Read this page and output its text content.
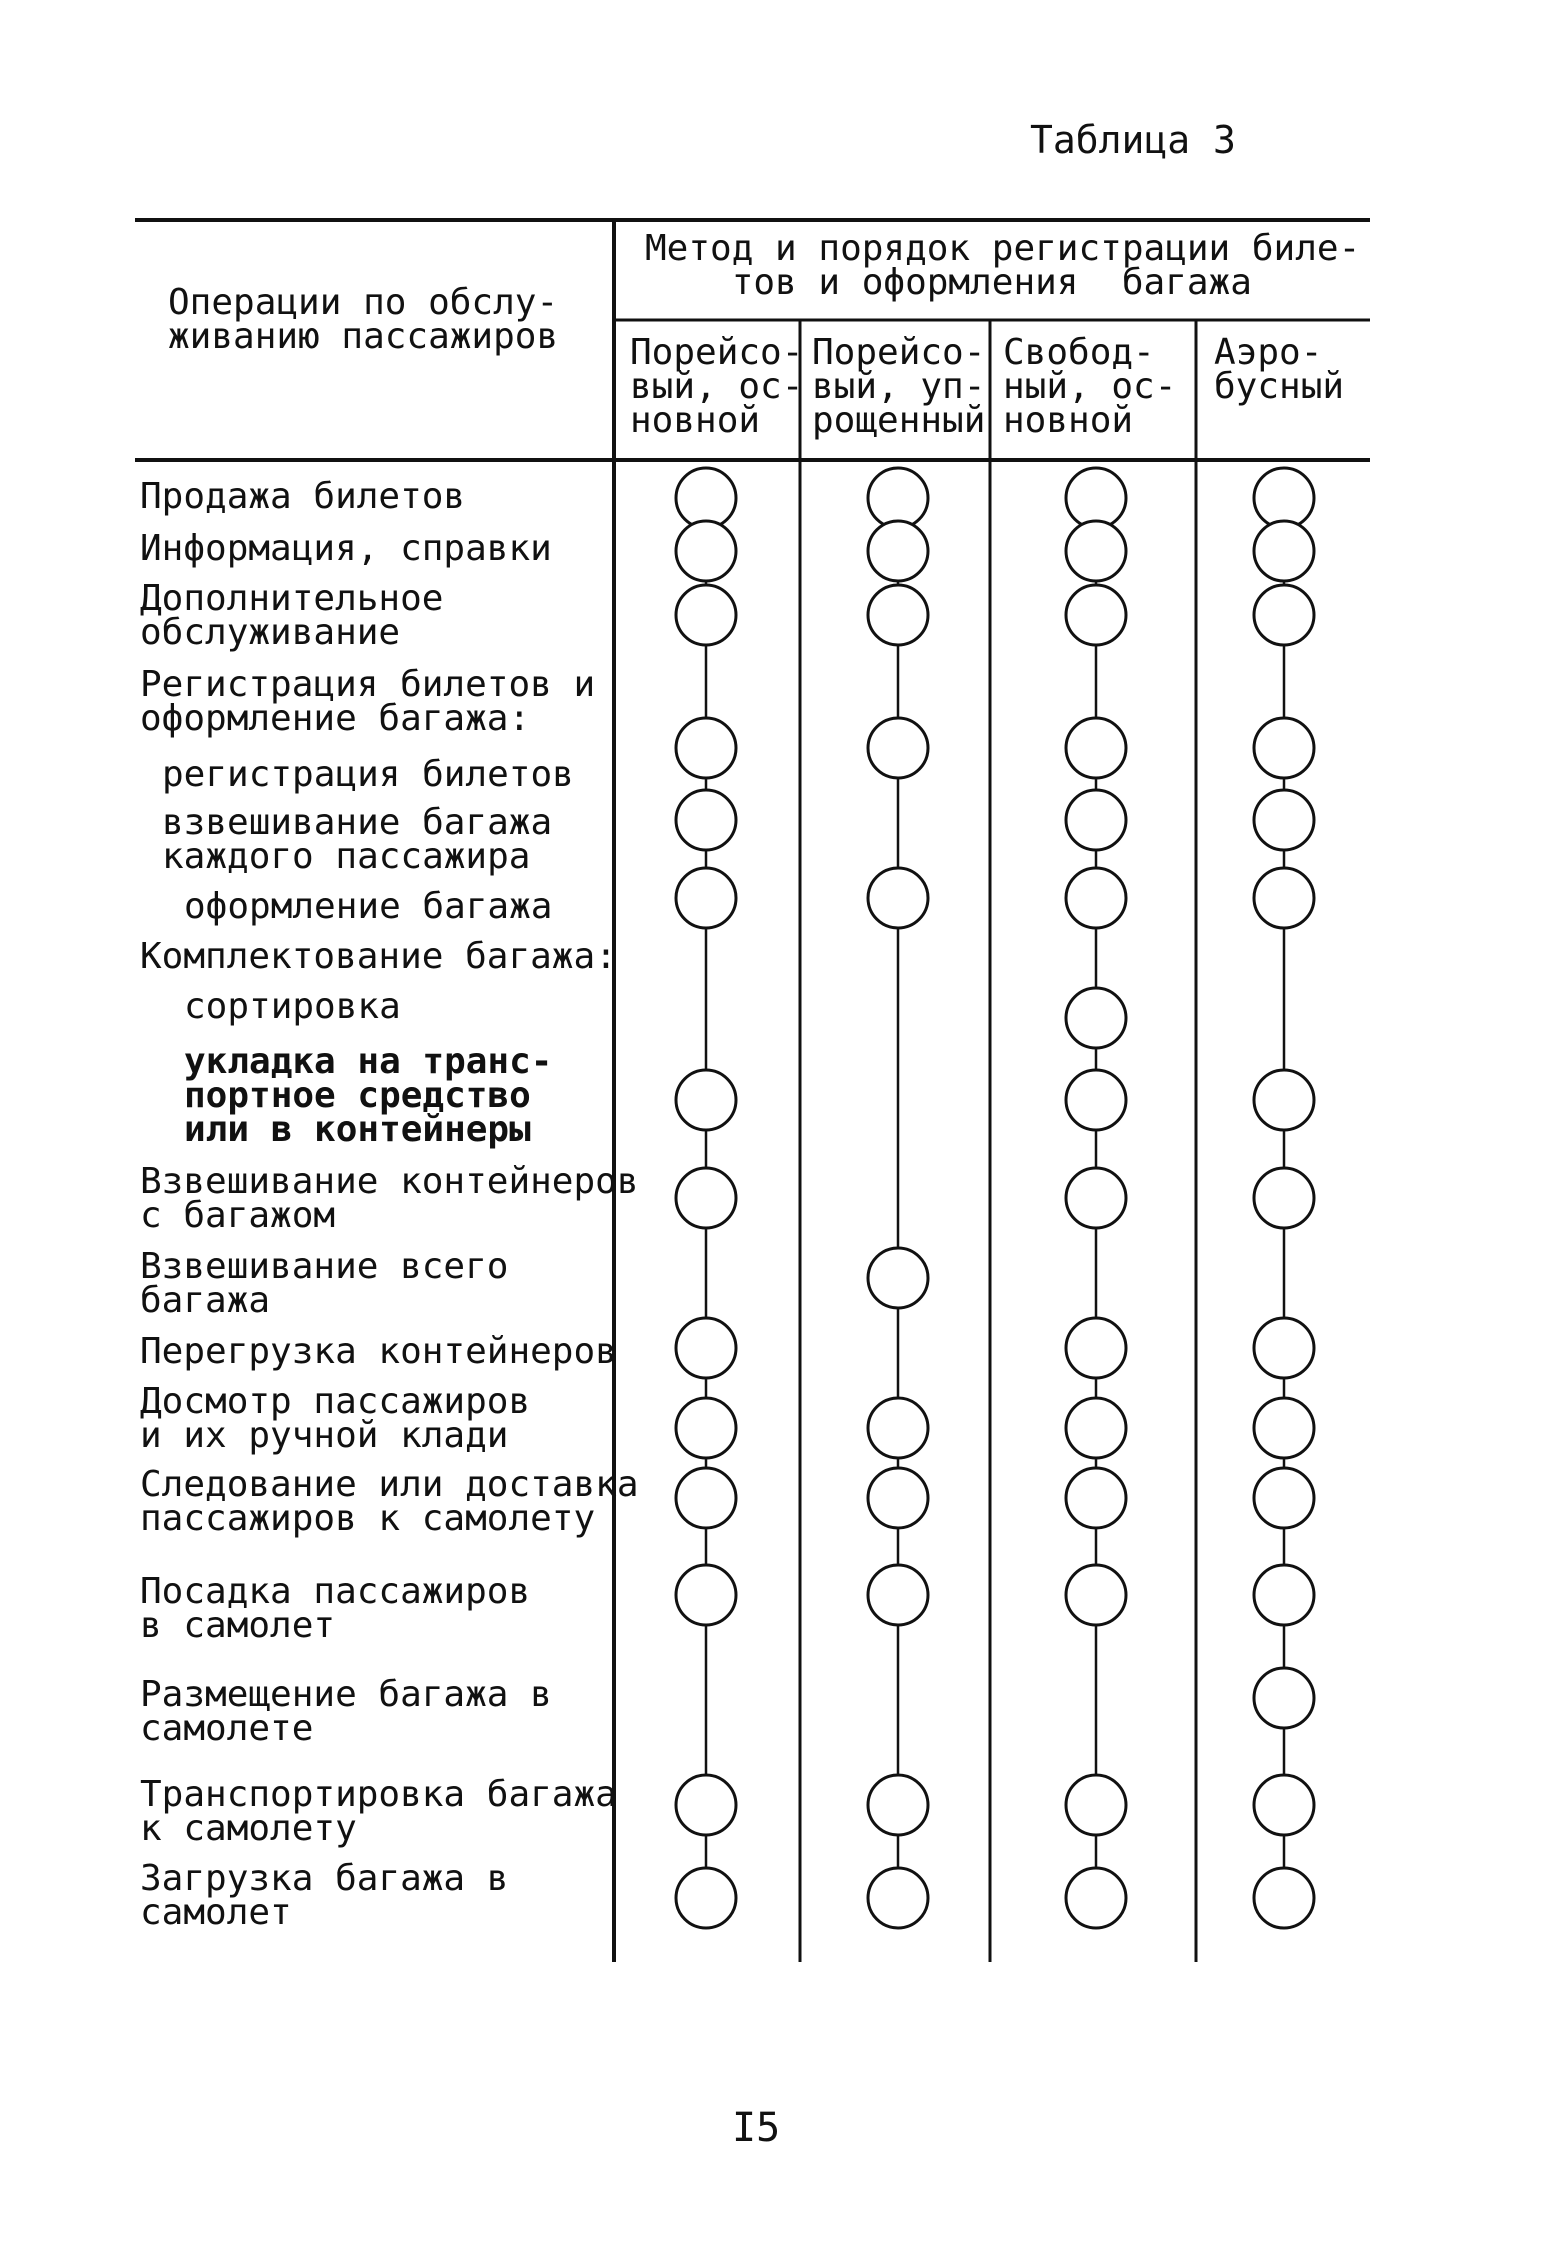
Таблица 3
Операции по обслу-
живанию пассажиров
Метод и порядок регистрации биле-
тов и оформления  багажа
Порейсо-
вый, ос-
новной
Порейсо-
вый, уп-
рощенный
Свобод-
ный, ос-
новной
Аэро-
бусный
Продажа билетов
Информация, справки
Дополнительное
обслуживание
Регистрация билетов и
оформление багажа:
регистрация билетов
взвешивание багажа
каждого пассажира
оформление багажа
Комплектование багажа:
сортировка
укладка на транс-
портное средство
или в контейнеры
Взвешивание контейнеров
с багажом
Взвешивание всего
багажа
Перегрузка контейнеров
Досмотр пассажиров
и их ручной клади
Следование или доставка
пассажиров к самолету
Посадка пассажиров
в самолет
Размещение багажа в
самолете
Транспортировка багажа
к самолету
Загрузка багажа в
самолет
I5
